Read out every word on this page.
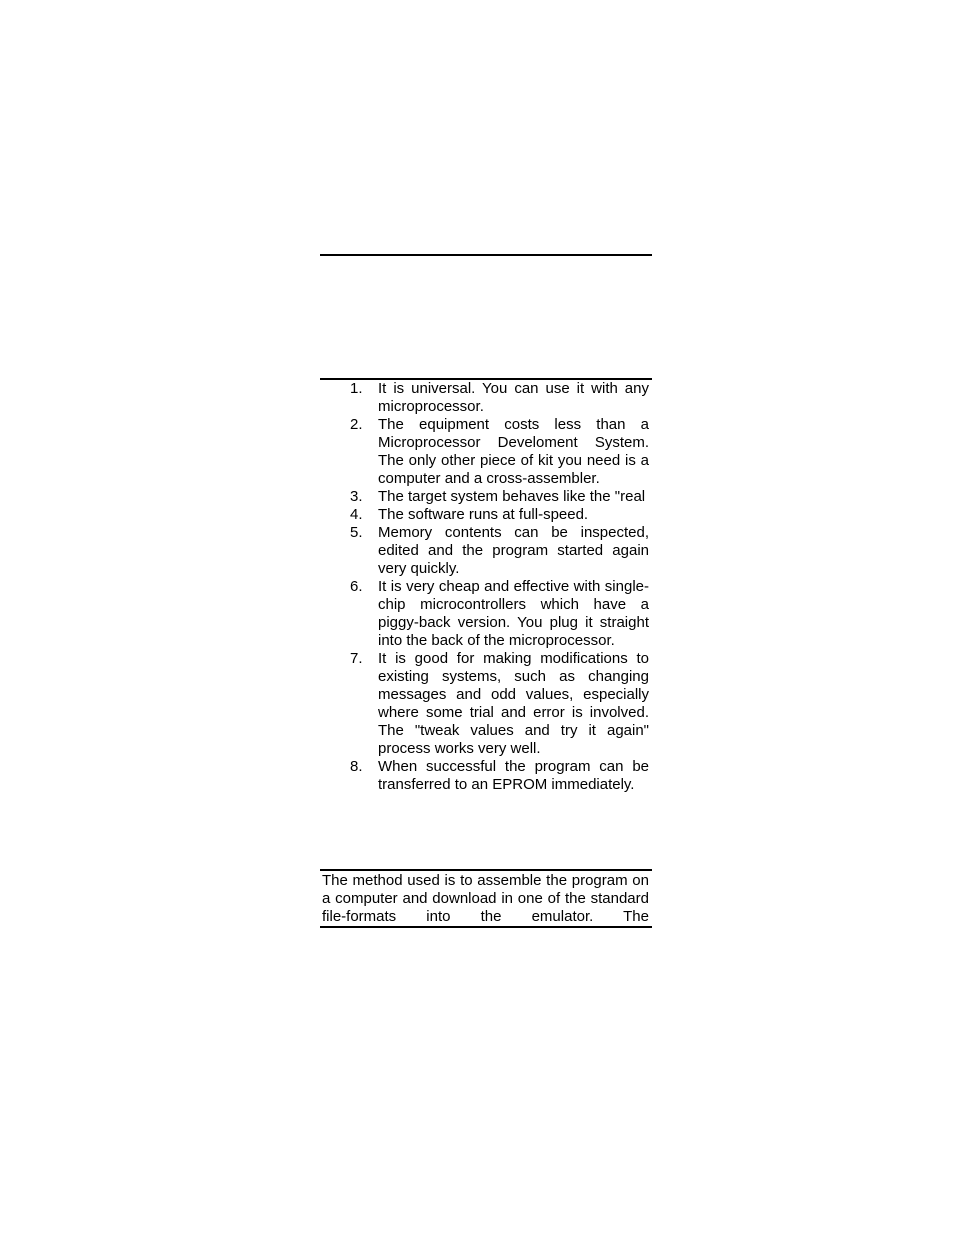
1. It is universal. You can use it with any microprocessor.
2. The equipment costs less than a Microprocessor Develoment System. The only other piece of kit you need is a computer and a cross-assembler.
3. The target system behaves like the "real
4. The software runs at full-speed.
5. Memory contents can be inspected, edited and the program started again very quickly.
6. It is very cheap and effective with single-chip microcontrollers which have a piggy-back version. You plug it straight into the back of the microprocessor.
7. It is good for making modifications to existing systems, such as changing messages and odd values, especially where some trial and error is involved. The "tweak values and try it again" process works very well.
8. When successful the program can be transferred to an EPROM immediately.

The method used is to assemble the program on a computer and download in one of the standard file-formats into the emulator. The
